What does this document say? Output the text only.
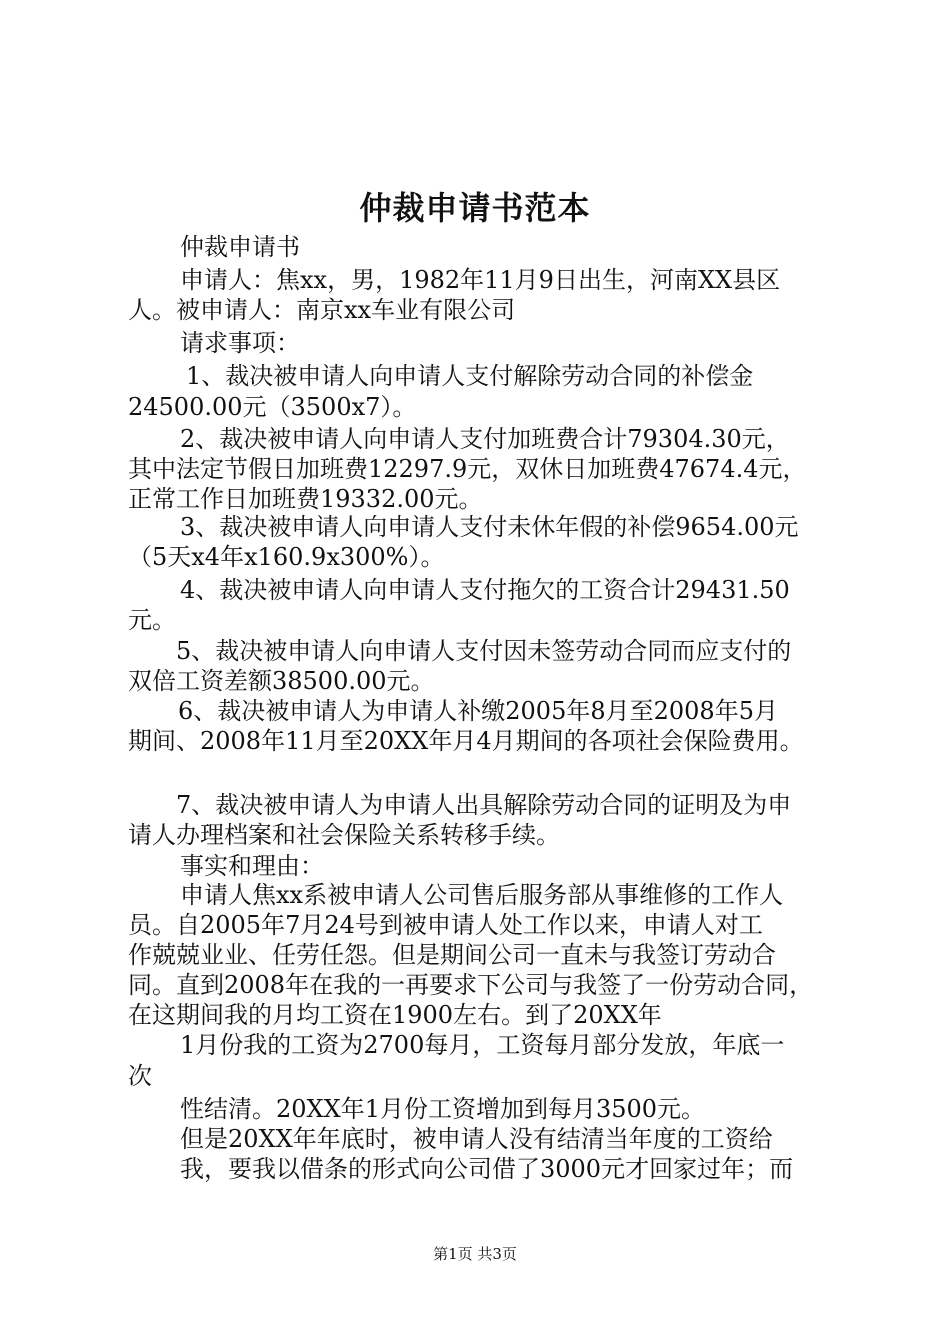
仲裁申请书范本
仲裁申请书
申请人：焦xx，男，1982年11月9日出生，河南XX县区
人。被申请人：南京xx车业有限公司
请求事项：
1、裁决被申请人向申请人支付解除劳动合同的补偿金
24500.00元（3500x7）。
2、裁决被申请人向申请人支付加班费合计79304.30元，
其中法定节假日加班费12297.9元，双休日加班费47674.4元，
正常工作日加班费19332.00元。
3、裁决被申请人向申请人支付未休年假的补偿9654.00元
（5天x4年x160.9x300%）。
4、裁决被申请人向申请人支付拖欠的工资合计29431.50
元。
5、裁决被申请人向申请人支付因未签劳动合同而应支付的
双倍工资差额38500.00元。
6、裁决被申请人为申请人补缴2005年8月至2008年5月
期间、2008年11月至20XX年月4月期间的各项社会保险费用。
7、裁决被申请人为申请人出具解除劳动合同的证明及为申
请人办理档案和社会保险关系转移手续。
事实和理由：
申请人焦xx系被申请人公司售后服务部从事维修的工作人
员。自2005年7月24号到被申请人处工作以来，申请人对工
作兢兢业业、任劳任怨。但是期间公司一直未与我签订劳动合
同。直到2008年在我的一再要求下公司与我签了一份劳动合同，
在这期间我的月均工资在1900左右。到了20XX年
1月份我的工资为2700每月，工资每月部分发放，年底一
次
性结清。20XX年1月份工资增加到每月3500元。
但是20XX年年底时，被申请人没有结清当年度的工资给
我，要我以借条的形式向公司借了3000元才回家过年；而
第1页 共3页
